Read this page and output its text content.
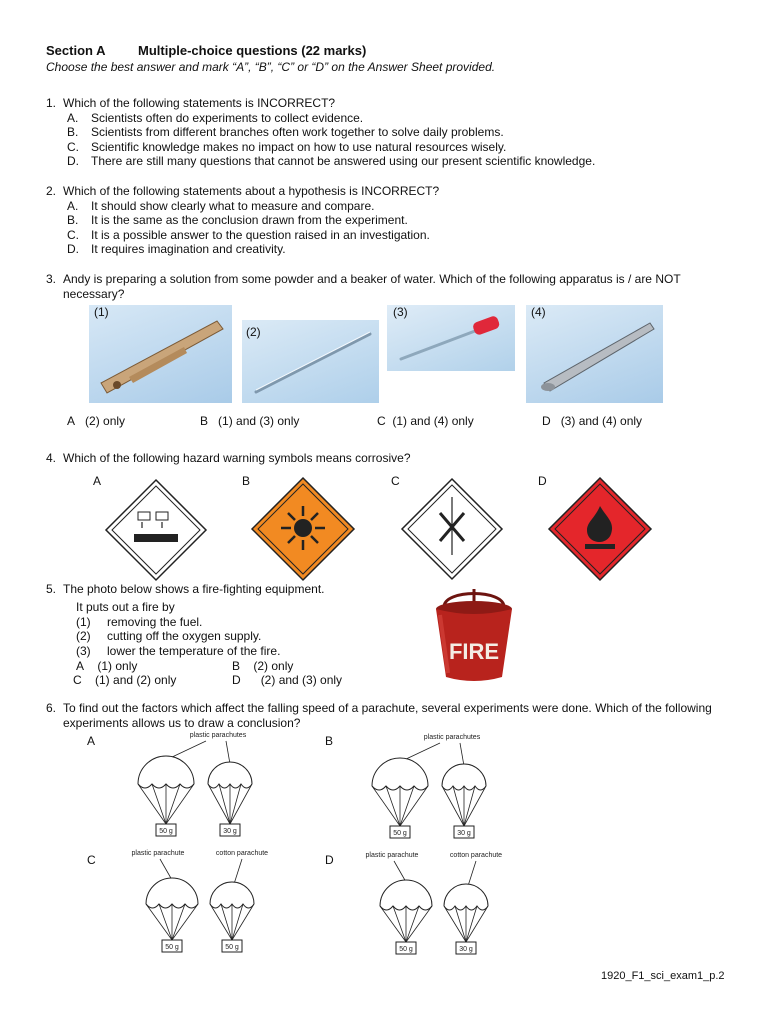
Section A	Multiple-choice questions (22 marks)
Choose the best answer and mark “A”, “B”, “C” or “D” on the Answer Sheet provided.
1. Which of the following statements is INCORRECT?
A.	Scientists often do experiments to collect evidence.
B.	Scientists from different branches often work together to solve daily problems.
C.	Scientific knowledge makes no impact on how to use natural resources wisely.
D.	There are still many questions that cannot be answered using our present scientific knowledge.
2. Which of the following statements about a hypothesis is INCORRECT?
A.	It should show clearly what to measure and compare.
B.	It is the same as the conclusion drawn from the experiment.
C.	It is a possible answer to the question raised in an investigation.
D.	It requires imagination and creativity.
3. Andy is preparing a solution from some powder and a beaker of water. Which of the following apparatus is / are NOT necessary?
(1)
(2)
(3)	(4)
A (2) only	B (1) and (3) only	C (1) and (4) only	D (3) and (4) only
4. Which of the following hazard warning symbols means corrosive?
A	B	C	D
5. The photo below shows a fire-fighting equipment.
It puts out a fire by
(1) removing the fuel.
(2) cutting off the oxygen supply.
(3) lower the temperature of the fire.
A (1) only	B (2) only
C (1) and (2) only	D (2) and (3) only
FIRE
6. To find out the factors which affect the falling speed of a parachute, several experiments were done. Which of the following experiments allows us to draw a conclusion?
A	B
C	D
plastic parachutes
50 g	30 g
plastic parachutes
50 g	30 g
plastic parachute	cotton parachute
50 g	50 g
plastic parachute	cotton parachute
50 g	30 g
1920_F1_sci_exam1_p.2
